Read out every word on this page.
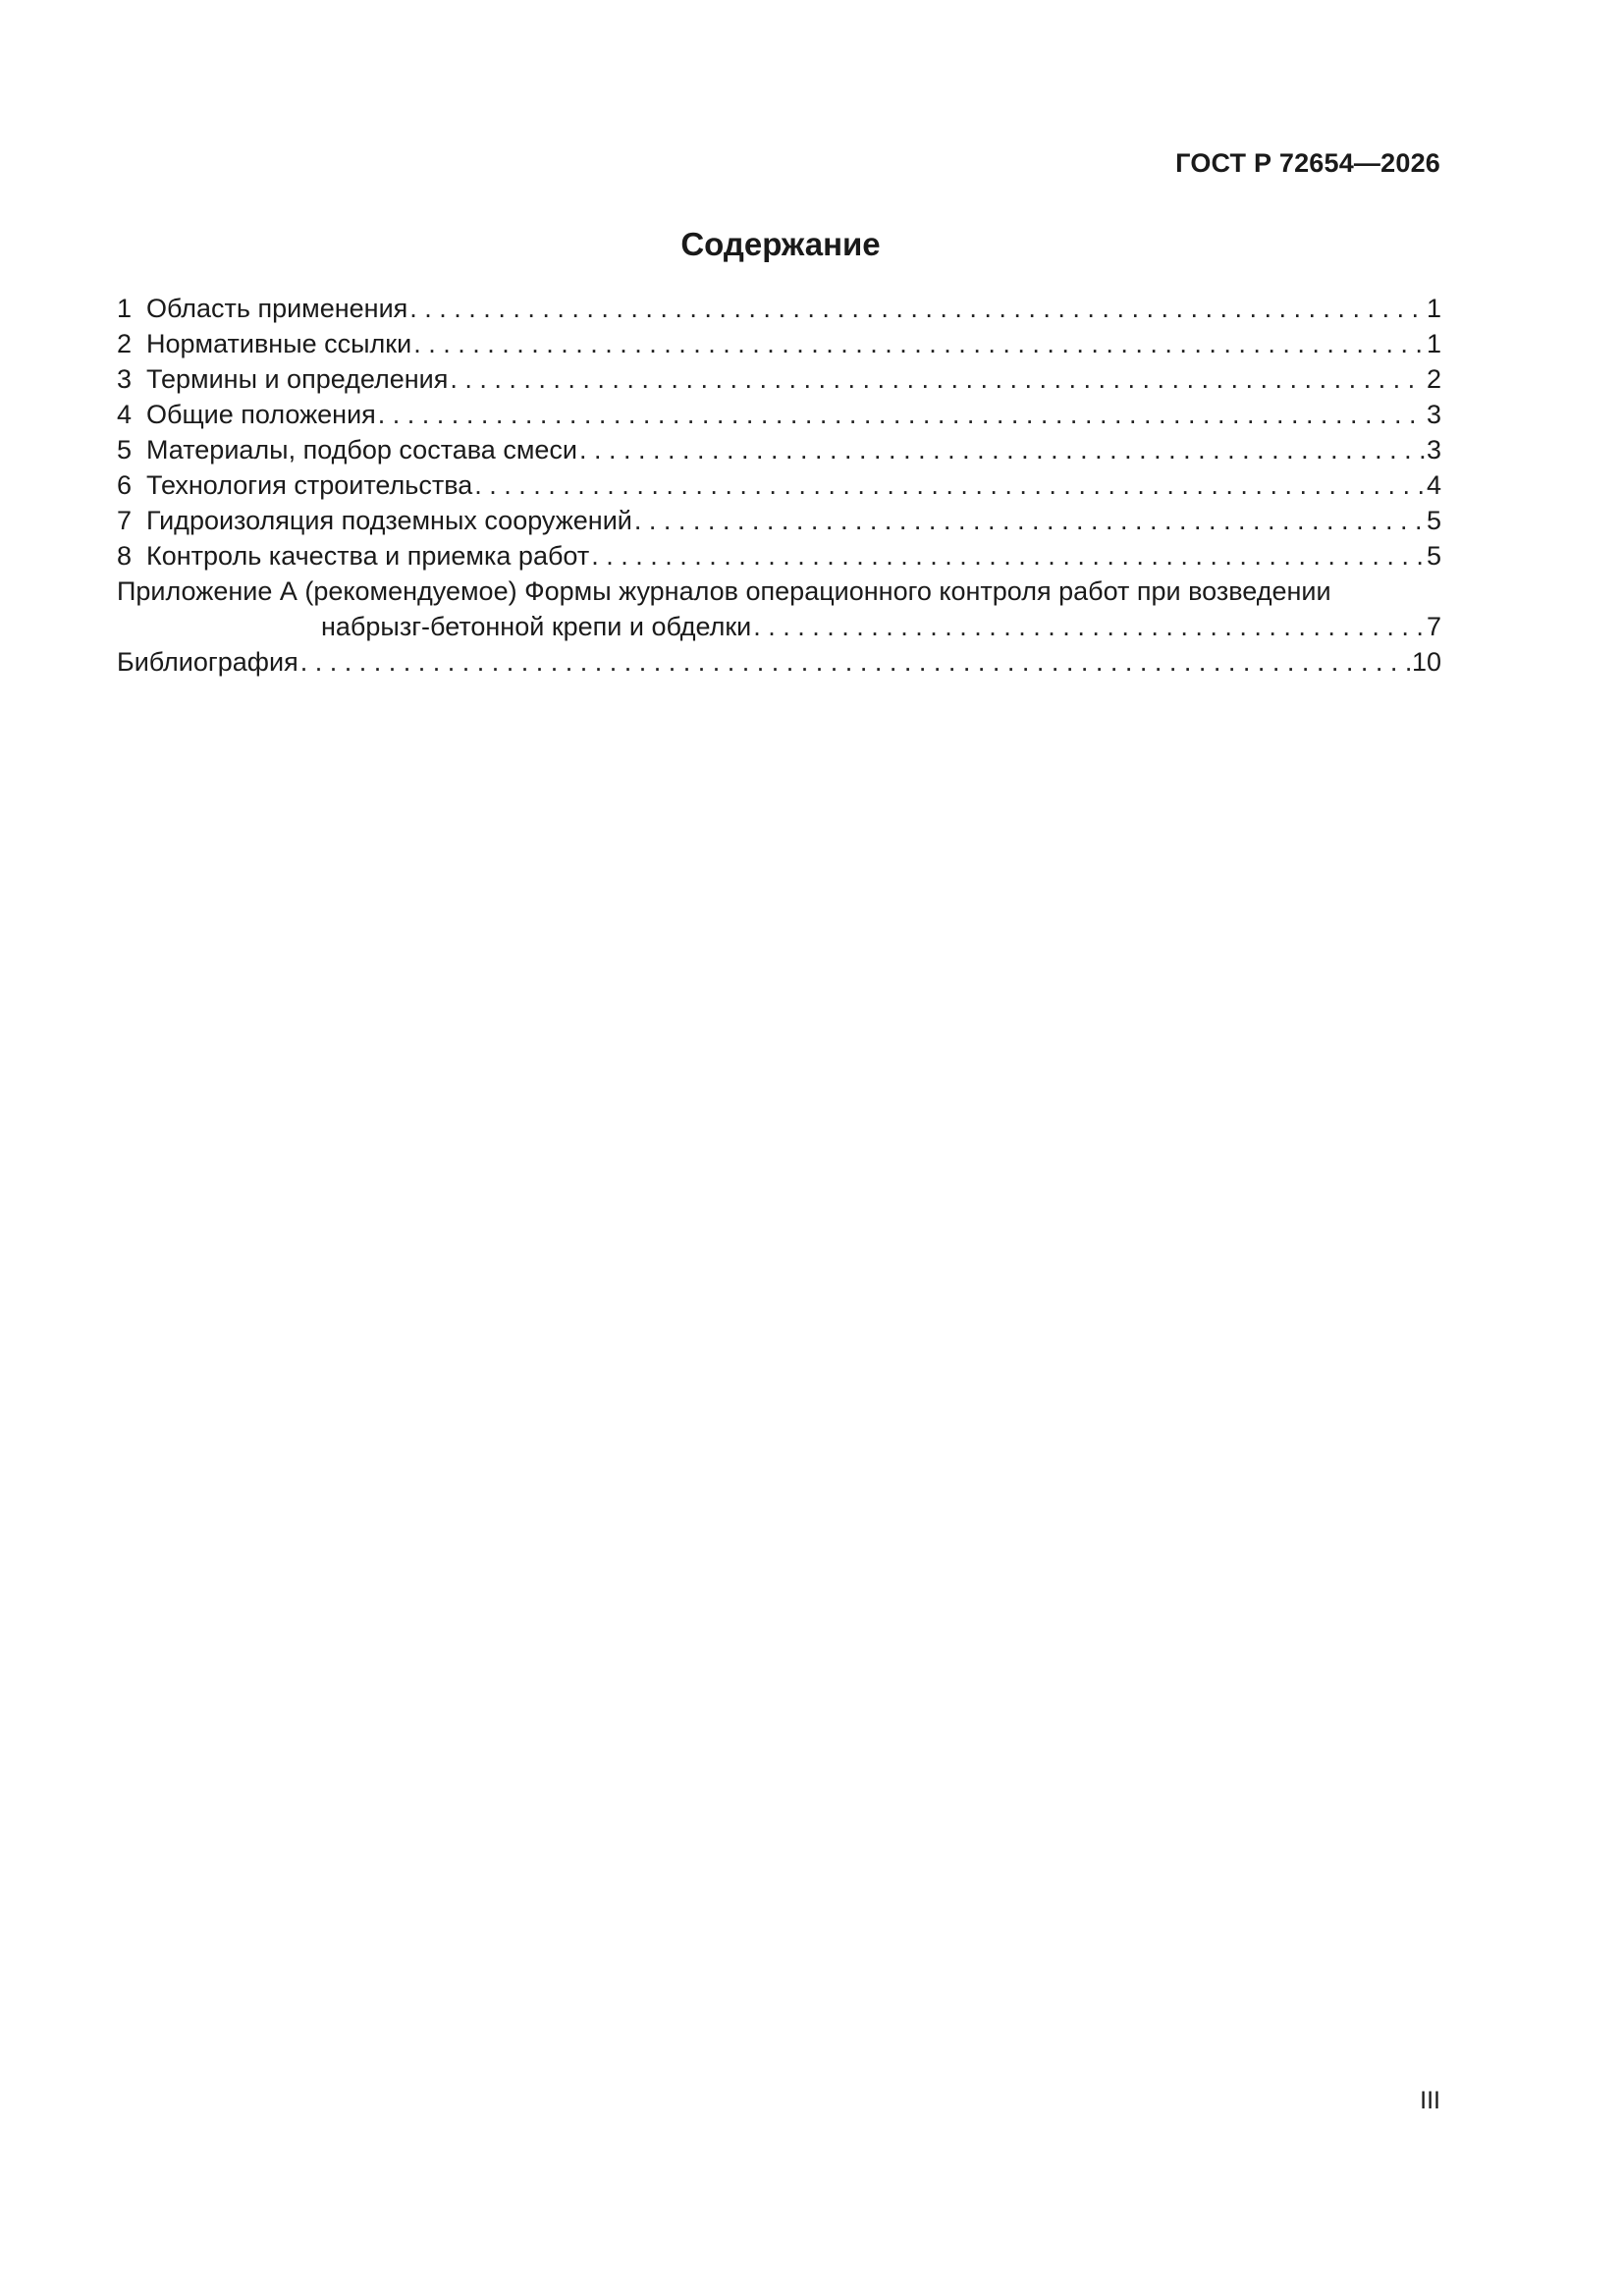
ГОСТ Р 72654—2026
Содержание
1 Область применения . . .	1
2 Нормативные ссылки . . .	1
3 Термины и определения . . .	2
4 Общие положения . . .	3
5 Материалы, подбор состава смеси . . .	3
6 Технология строительства . . .	4
7 Гидроизоляция подземных сооружений . . .	5
8 Контроль качества и приемка работ . . .	5
Приложение А (рекомендуемое) Формы журналов операционного контроля работ при возведении
набрызг-бетонной крепи и обделки . . .	7
Библиография . . .	10
III
